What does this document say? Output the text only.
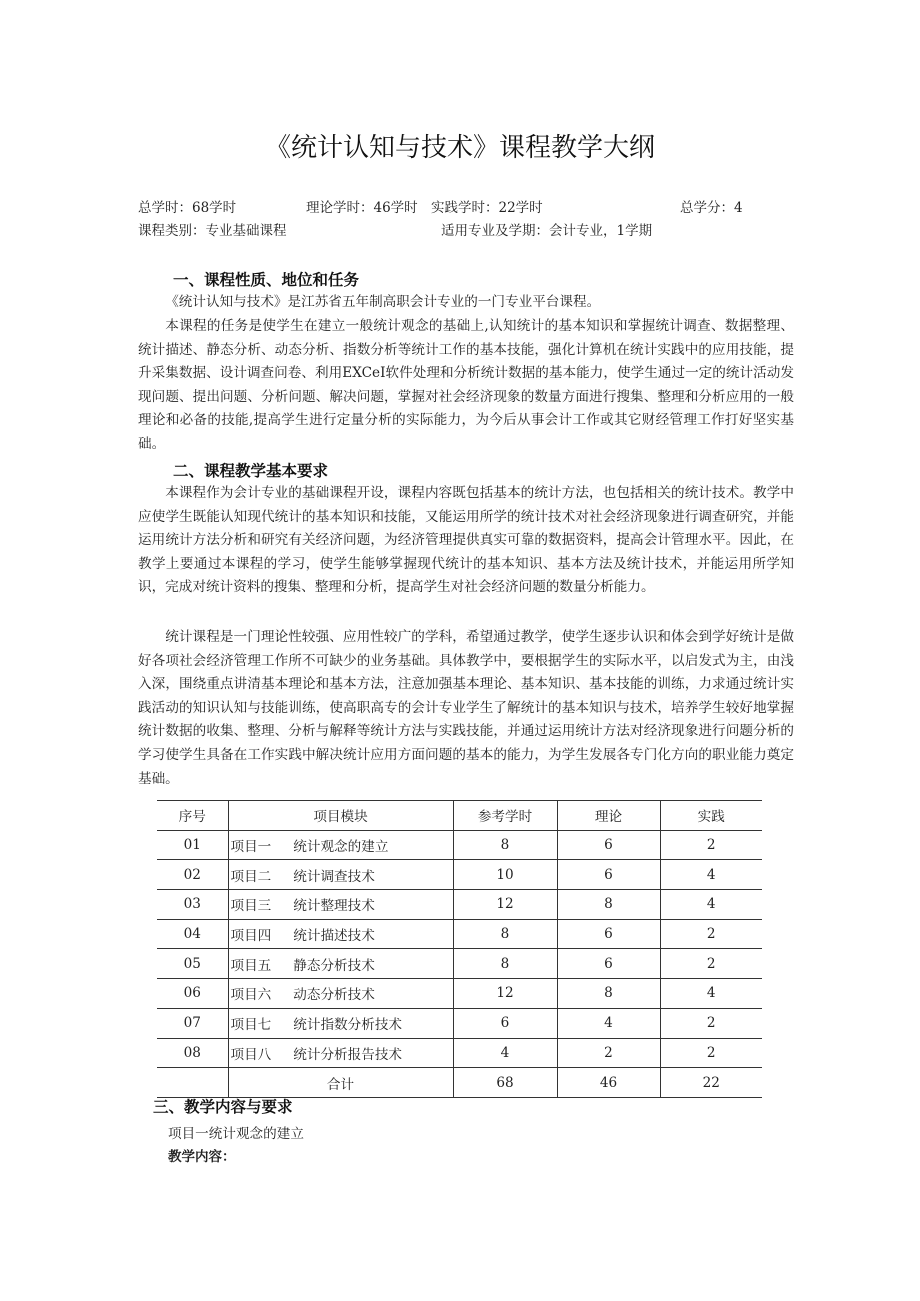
《统计认知与技术》课程教学大纲
总学时：68学时	理论学时：46学时 实践学时：22学时	总学分：4
课程类别：专业基础课程	适用专业及学期：会计专业，1学期
一、课程性质、地位和任务
《统计认知与技术》是江苏省五年制高职会计专业的一门专业平台课程。
本课程的任务是使学生在建立一般统计观念的基础上,认知统计的基本知识和掌握统计调查、数据整理、统计描述、静态分析、动态分析、指数分析等统计工作的基本技能，强化计算机在统计实践中的应用技能，提升采集数据、设计调查问卷、利用EXCeI软件处理和分析统计数据的基本能力，使学生通过一定的统计活动发现问题、提出问题、分析问题、解决问题，掌握对社会经济现象的数量方面进行搜集、整理和分析应用的一般理论和必备的技能,提高学生进行定量分析的实际能力，为今后从事会计工作或其它财经管理工作打好坚实基础。
二、课程教学基本要求
本课程作为会计专业的基础课程开设，课程内容既包括基本的统计方法，也包括相关的统计技术。教学中应使学生既能认知现代统计的基本知识和技能，又能运用所学的统计技术对社会经济现象进行调查研究，并能运用统计方法分析和研究有关经济问题，为经济管理提供真实可靠的数据资料，提高会计管理水平。因此，在教学上要通过本课程的学习，使学生能够掌握现代统计的基本知识、基本方法及统计技术，并能运用所学知识，完成对统计资料的搜集、整理和分析，提高学生对社会经济问题的数量分析能力。
统计课程是一门理论性较强、应用性较广的学科，希望通过教学，使学生逐步认识和体会到学好统计是做好各项社会经济管理工作所不可缺少的业务基础。具体教学中，要根据学生的实际水平，以启发式为主，由浅入深，围绕重点讲清基本理论和基本方法，注意加强基本理论、基本知识、基本技能的训练，力求通过统计实践活动的知识认知与技能训练，使高职高专的会计专业学生了解统计的基本知识与技术，培养学生较好地掌握统计数据的收集、整理、分析与解释等统计方法与实践技能，并通过运用统计方法对经济现象进行问题分析的学习使学生具备在工作实践中解决统计应用方面问题的基本的能力，为学生发展各专门化方向的职业能力奠定基础。
序号	项目模块	参考学时	理论	实践
01	项目一 统计观念的建立	8	6	2
02	项目二 统计调查技术	10	6	4
03	项目三 统计整理技术	12	8	4
04	项目四 统计描述技术	8	6	2
05	项目五 静态分析技术	8	6	2
06	项目六 动态分析技术	12	8	4
07	项目七 统计指数分析技术	6	4	2
08	项目八 统计分析报告技术	4	2	2
	合计	68	46	22
三、教学内容与要求
项目一统计观念的建立
教学内容：
